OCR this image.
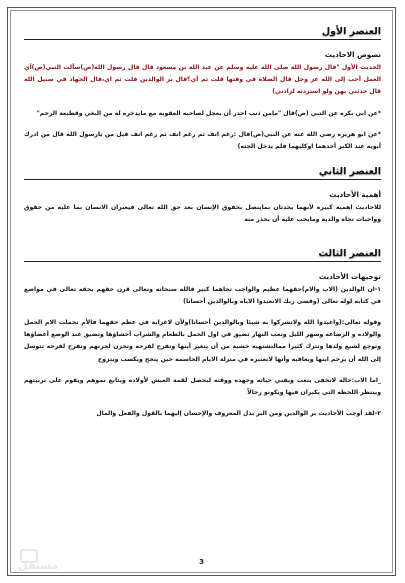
العنصر الأول
نصوص الاحاديث

الحديث الأول "قال رسول الله صلى الله عليه وسلم عن عبد الله بن مسعود قال قال رسول الله(ص)سألت النبي(ص)أي العمل أحب إلى الله عز وجل قال الصلاة في وقتها قلت ثم أي؟قال بر الوالدين قلت ثم اي،قال الجهاد في سبيل الله قال حدثني بهن ولو استزدته لزادني)

*عن ابي بكره عن النبي (ص)قال "مامن ذنب احدر أن يعجل لصاحبه العقوبه مع مايدخره له من البغي وقطيعة الرحم"

*عن ابو هريره رضي الله عنه عن النبي(ص)قال :رغم انف ثم رغم انف ثم رغم انف قيل من يارسول الله قال من ادرك أبويه عند الكبر أحدهما اوكليهما فلم يدخل الجنه)

العنصر الثاني
أهمية الأحاديث

للاحاديث اهميه كبيره لأنهما يحدثان بمايتصل بحقوق الإنسان بعد حق الله تعالى فيعبران الانسان بما عليه من حقوق وواجبات تجاه والديه ومايجب عليه أن يحذر منه

العنصر الثالث
توجيهات الأحاديث

١-ان الوالدين (الاب والام)حقهما عظيم والواجب تجاهما كبير فالله سبحانه وتعالى قرن حقهم بحقه تعالى في مواضع في كتابه لوله تعالى (وقضى ربك الاتعبدوا الاياه وبالوالدين أحسانا)

وقوله تعالى:(واعبدوا الله ولاتشركوا به شيئا وبالوالدين أحسانا)ولأن لاغرابة في عظم حقهما فالأم تحملت الام الحمل والولاده و الرضاعه وسهر الليل وتعب النهار تضيق في اول الحمل بالطعام والشراب أحشاؤها وتضيق عند الوضع أعضاؤها وتوجع لشيع ولدها وتترك كثيرا ممالتشتهيه خشية من أن يتغير أبنها وتفرح لفرحه وتحزن لحزنهم وتفرح لفرحه تتوسل إلى الله أن يرحم ابنها ويعافيه وأنها لاتعتبره في منزلة الايام الحاسمه حين ينجح ويكسب ويتزوج

_اما الاب:حاله لاتخفى بتعب ويفني حياته وجهده ووقته ليحصل لقمة العيش لأولاده ويتابع نموهم ويقوم على تربيتهم وينتظر اللحظه التي يكبران فيها ويكونو رجالاً

٢-لقد أوجب الأحاديث بر الوالدين ومن البر بذل المعروف والإحسان إليهما بالقول والفعل والمال

3
مستقل
